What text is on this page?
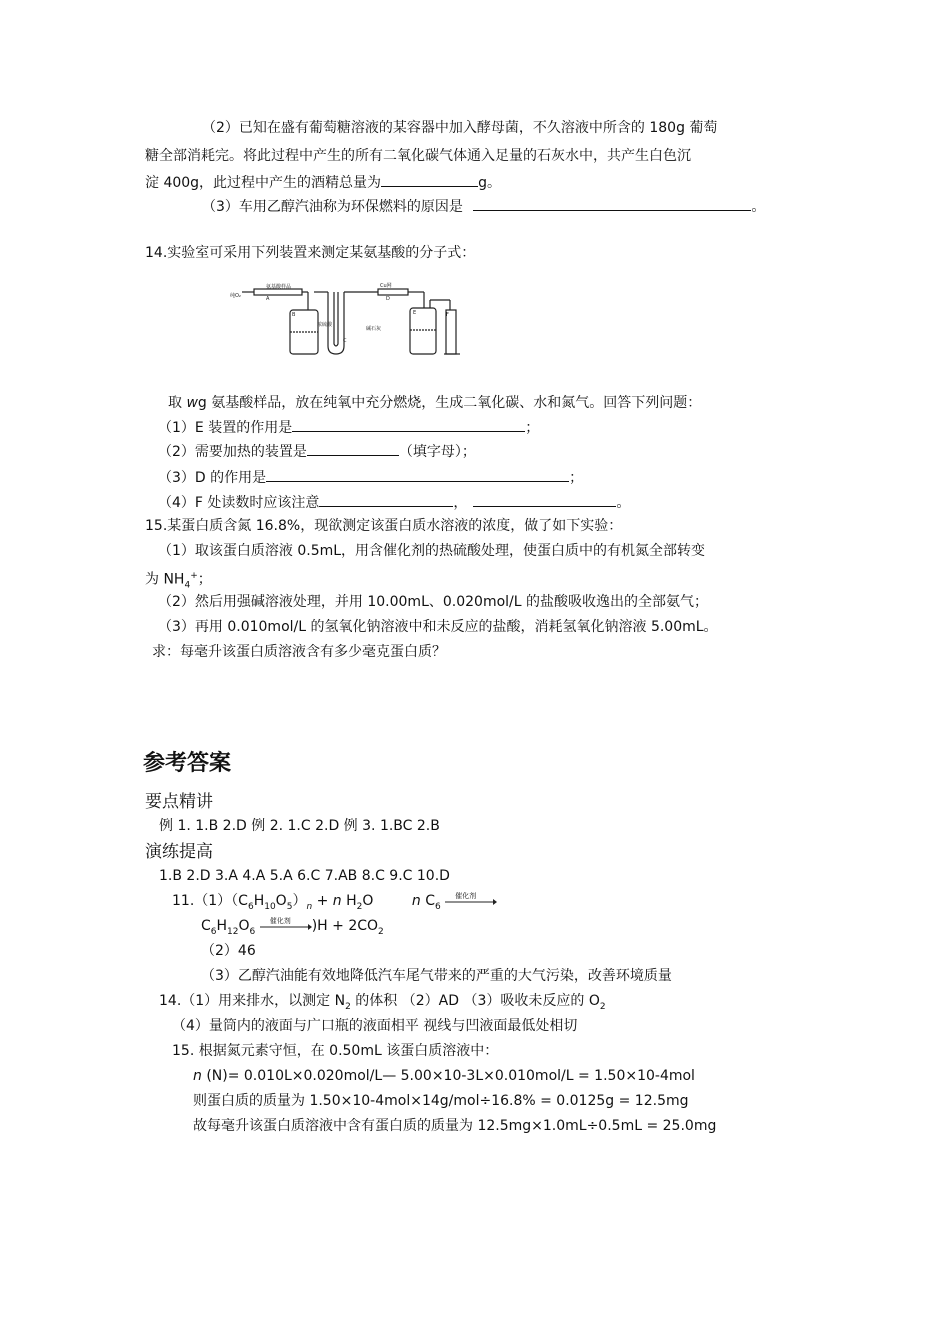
（2）已知在盛有葡萄糖溶液的某容器中加入酵母菌，不久溶液中所含的 180g 葡萄
糖全部消耗完。将此过程中产生的所有二氧化碳气体通入足量的石灰水中，共产生白色沉
淀 400g，此过程中产生的酒精总量为	g。
（3）车用乙醇汽油称为环保燃料的原因是	。
14.实验室可采用下列装置来测定某氨基酸的分子式：
纯O₂
氨基酸样品	Cu网
浓硫酸
碱石灰
A
B
C
D
E	F
取 wg 氨基酸样品，放在纯氧中充分燃烧，生成二氧化碳、水和氮气。回答下列问题：
（1）E 装置的作用是	；
（2）需要加热的装置是	（填字母）；
（3）D 的作用是	；
（4）F 处读数时应该注意	，	。
15.某蛋白质含氮 16.8%，现欲测定该蛋白质水溶液的浓度，做了如下实验：
（1）取该蛋白质溶液 0.5mL，用含催化剂的热硫酸处理，使蛋白质中的有机氮全部转变
为 $NH_4^+$；
（2）然后用强碱溶液处理，并用 10.00mL、0.020mol/L 的盐酸吸收逸出的全部氨气；
（3）再用 0.010mol/L 的氢氧化钠溶液中和未反应的盐酸，消耗氢氧化钠溶液 5.00mL。
求：每毫升该蛋白质溶液含有多少毫克蛋白质？
参考答案
要点精讲
例 1. 1.B 2.D 例 2. 1.C 2.D 例 3. 1.BC 2.B
演练提高
1.B 2.D 3.A 4.A 5.A 6.C 7.AB 8.C 9.C 10.D
$11.(1)(C_6H_{10}O_5)_n + n$ $H_2O$	n $C_6$
催化剂
$C_6H_{12}O_6$
催化剂 )$H + 2CO_2$
（2）46
（3）乙醇汽油能有效地降低汽车尾气带来的严重的大气污染，改善环境质量
14.（1）用来排水，以测定 $N_2$ 的体积 （2）AD （3）吸收未反应的 $O_2$
（4）量筒内的液面与广口瓶的液面相平 视线与凹液面最低处相切
15. 根据氮元素守恒，在 0.50mL 该蛋白质溶液中：
n (N)= 0.010L×0.020mol/L— 5.00×10-3L×0.010mol/L = 1.50×10-4mol
则蛋白质的质量为 1.50×10-4mol×14g/mol÷16.8% = 0.0125g = 12.5mg
故每毫升该蛋白质溶液中含有蛋白质的质量为 12.5mg×1.0mL÷0.5mL = 25.0mg
